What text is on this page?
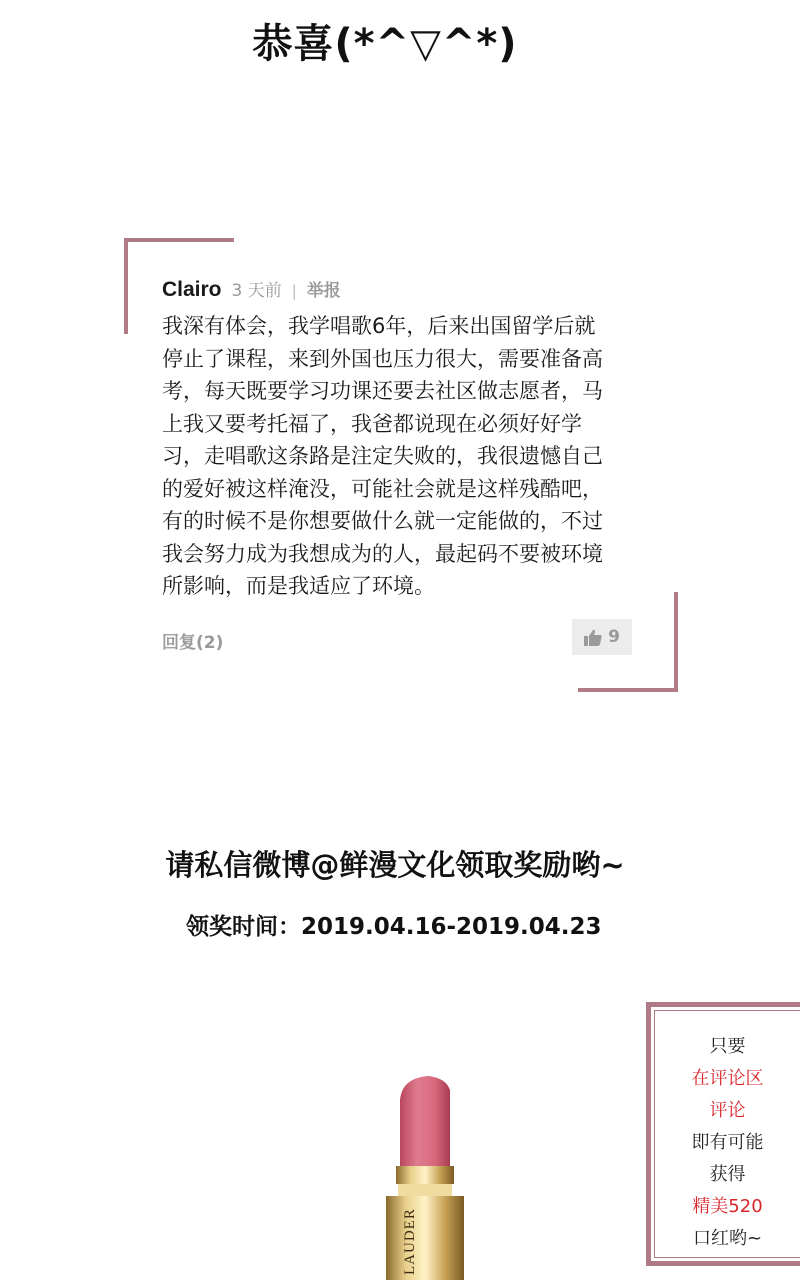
恭喜(*^▽^*)
Clairo 3 天前 | 举报
我深有体会，我学唱歌6年，后来出国留学后就
停止了课程，来到外国也压力很大，需要准备高
考，每天既要学习功课还要去社区做志愿者，马
上我又要考托福了，我爸都说现在必须好好学
习，走唱歌这条路是注定失败的，我很遗憾自己
的爱好被这样淹没，可能社会就是这样残酷吧，
有的时候不是你想要做什么就一定能做的，不过
我会努力成为我想成为的人，最起码不要被环境
所影响，而是我适应了环境。
回复(2)	9
请私信微博@鲜漫文化领取奖励哟~
领奖时间：2019.04.16-2019.04.23
LAUDER
只要
在评论区
评论
即有可能
获得
精美520
口红哟~
